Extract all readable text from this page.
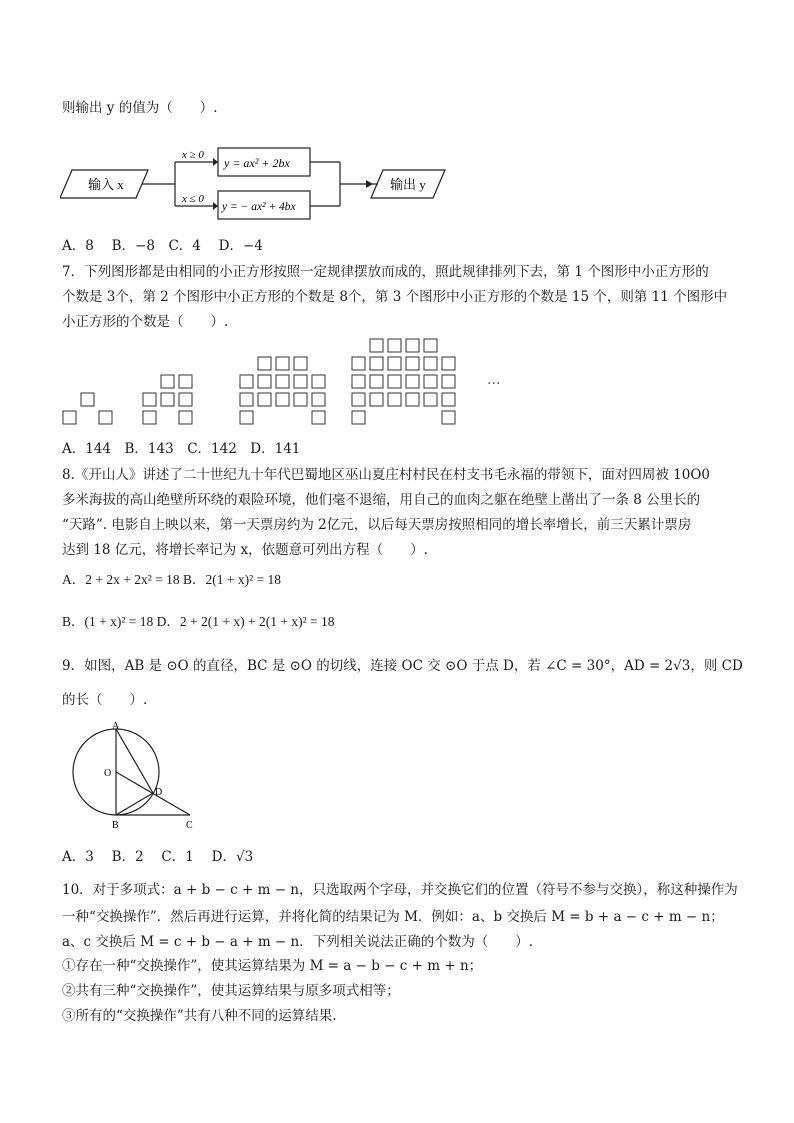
则输出 y 的值为（　　）.
输入 x
x ≥ 0
x ≤ 0
y = ax² + 2bx
y = − ax² + 4bx
输出 y
A．8　 B．−8　C．4　 D．−4
7．下列图形都是由相同的小正方形按照一定规律摆放而成的，照此规律排列下去，第 1 个图形中小正方形的
个数是 3个，第 2 个图形中小正方形的个数是 8个，第 3 个图形中小正方形的个数是 15 个，则第 11 个图形中
小正方形的个数是（　　）.
…
A．144　B．143　C．142　D．141
8.《开山人》讲述了二十世纪九十年代巴蜀地区巫山夏庄村村民在村支书毛永福的带领下，面对四周被 10O0
多米海拔的高山绝壁所环绕的艰险环境，他们毫不退缩，用自己的血肉之躯在绝壁上凿出了一条 8 公里长的
“天路”. 电影自上映以来，第一天票房约为 2亿元，以后每天票房按照相同的增长率增长，前三天累计票房
达到 18 亿元，将增长率记为 x，依题意可列出方程（　　）.
A．2 + 2x + 2x² = 18 B．2(1 + x)² = 18
B．(1 + x)² = 18 D．2 + 2(1 + x) + 2(1 + x)² = 18
9．如图，AB 是 ⊙O 的直径，BC 是 ⊙O 的切线，连接 OC 交 ⊙O 于点 D，若 ∠C = 30°，AD = 2√3，则 CD
的长（　　）.
A
O
D
B	C
A．3　 B．2　 C．1　 D．√3
10．对于多项式：a + b − c + m − n，只选取两个字母，并交换它们的位置（符号不参与交换），称这种操作为
一种“交换操作”．然后再进行运算，并将化简的结果记为 M．例如：a、b 交换后 M = b + a − c + m − n；
a、c 交换后 M = c + b − a + m − n．下列相关说法正确的个数为（　　）.
①存在一种“交换操作”，使其运算结果为 M = a − b − c + m + n；
②共有三种“交换操作”，使其运算结果与原多项式相等；
③所有的“交换操作”共有八种不同的运算结果.
